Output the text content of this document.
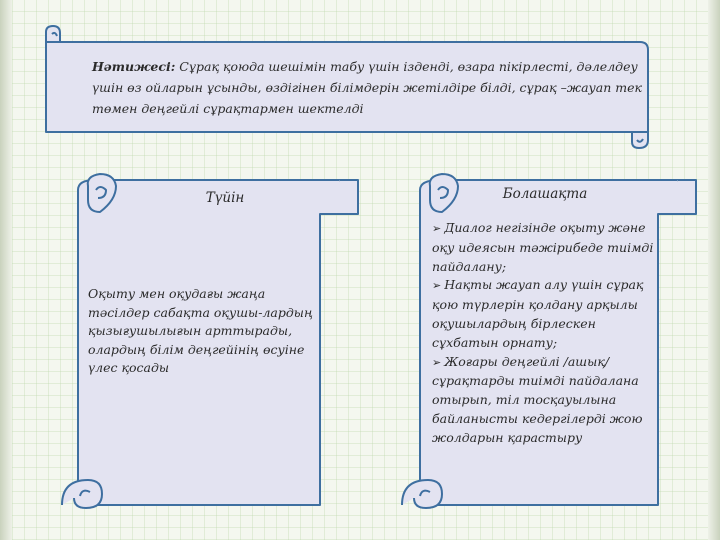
Нәтижесі: Сұрақ қоюда шешімін табу үшін ізденді, өзара пікірлесті, дәлелдеу үшін өз ойларын ұсынды, өздігінен білімдерін жетілдіре білді, сұрақ –жауап тек төмен деңгейлі сұрақтармен шектелді
Түйін
Оқыту мен оқудағы жаңа тәсілдер сабақта оқушы-лардың қызығушылығын арттырады, олардың білім деңгейінің өсуіне үлес қосады
Болашақта
➢ Диалог негізінде оқыту және оқу идеясын тәжірибеде тиімді пайдалану;
➢ Нақты жауап алу үшін сұрақ қою түрлерін қолдану арқылы оқушылардың бірлескен сұхбатын орнату;
➢ Жоғары деңгейлі /ашық/ сұрақтарды тиімді пайдалана отырып, тіл тосқауылына байланысты кедергілерді жою жолдарын қарастыру
